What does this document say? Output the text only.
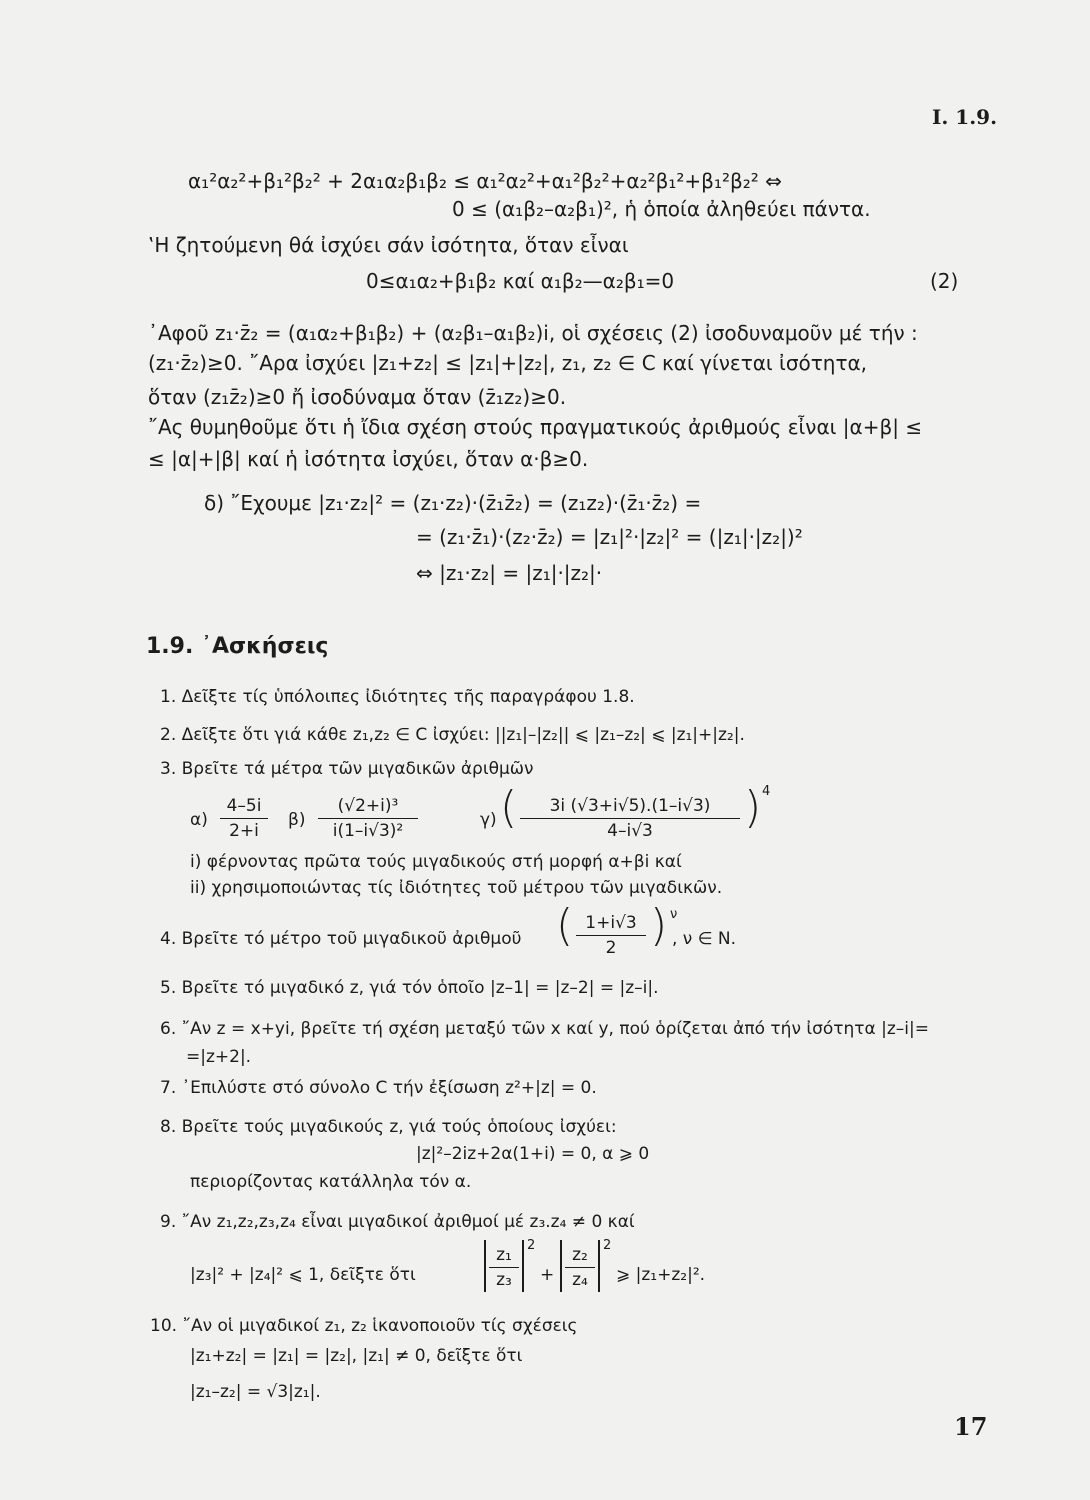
I. 1.9.
α₁²α₂²+β₁²β₂² + 2α₁α₂β₁β₂ ≤ α₁²α₂²+α₁²β₂²+α₂²β₁²+β₁²β₂² ⇔
0 ≤ (α₁β₂–α₂β₁)², ἡ ὁποία ἀληθεύει πάντα.
‛Η ζητούμενη θά ἰσχύει σάν ἰσότητα, ὅταν εἶναι
0≤α₁α₂+β₁β₂ καί α₁β₂—α₂β₁=0	(2)
᾿Αφοῦ z₁·z̄₂ = (α₁α₂+β₁β₂) + (α₂β₁–α₁β₂)i, οἱ σχέσεις (2) ἰσοδυναμοῦν μέ τήν :
(z₁·z̄₂)≥0. ῎Αρα ἰσχύει |z₁+z₂| ≤ |z₁|+|z₂|, z₁, z₂ ∈ C καί γίνεται ἰσότητα,
ὅταν (z₁z̄₂)≥0 ἤ ἰσοδύναμα ὅταν (z̄₁z₂)≥0.
῎Ας θυμηθοῦμε ὅτι ἡ ἴδια σχέση στούς πραγματικούς ἀριθμούς εἶναι |α+β| ≤
≤ |α|+|β| καί ἡ ἰσότητα ἰσχύει, ὅταν α·β≥0.
δ) ῎Εχουμε |z₁·z₂|² = (z₁·z₂)·(z̄₁z̄₂) = (z₁z₂)·(z̄₁·z̄₂) =
= (z₁·z̄₁)·(z₂·z̄₂) = |z₁|²·|z₂|² = (|z₁|·|z₂|)²
⇔ |z₁·z₂| = |z₁|·|z₂|·
1.9. ᾿Ασκήσεις
1. Δεῖξτε τίς ὑπόλοιπες ἰδιότητες τῆς παραγράφου 1.8.
2. Δεῖξτε ὅτι γιά κάθε z₁,z₂ ∈ C ἰσχύει: ||z₁|–|z₂|| ⩽ |z₁–z₂| ⩽ |z₁|+|z₂|.
3. Βρεῖτε τά μέτρα τῶν μιγαδικῶν ἀριθμῶν
α)
4–5i
2+i
β)
(√2+i)³
i(1–i√3)²
γ) (	3i (√3+i√5).(1–i√3)
4–i√3	) 4
i) φέρνοντας πρῶτα τούς μιγαδικούς στή μορφή α+βi καί
ii) χρησιμοποιώντας τίς ἰδιότητες τοῦ μέτρου τῶν μιγαδικῶν.
4. Βρεῖτε τό μέτρο τοῦ μιγαδικοῦ ἀριθμοῦ ( 1+i√3
2 ) ν
, ν ∈ N.
5. Βρεῖτε τό μιγαδικό z, γιά τόν ὁποῖο |z–1| = |z–2| = |z–i|.
6. ῎Αν z = x+yi, βρεῖτε τή σχέση μεταξύ τῶν x καί y, πού ὁρίζεται ἀπό τήν ἰσότητα |z–i|=
=|z+2|.
7. ᾿Επιλύστε στό σύνολο C τήν ἐξίσωση z²+|z| = 0.
8. Βρεῖτε τούς μιγαδικούς z, γιά τούς ὁποίους ἰσχύει:
|z|²–2iz+2α(1+i) = 0, α ⩾ 0
περιορίζοντας κατάλληλα τόν α.
9. ῎Αν z₁,z₂,z₃,z₄ εἶναι μιγαδικοί ἀριθμοί μέ z₃.z₄ ≠ 0 καί
|z₃|² + |z₄|² ⩽ 1, δεῖξτε ὅτι
z₁
z₃
2
+
z₂
z₄
2
⩾ |z₁+z₂|².
10. ῎Αν οἱ μιγαδικοί z₁, z₂ ἱκανοποιοῦν τίς σχέσεις
|z₁+z₂| = |z₁| = |z₂|, |z₁| ≠ 0, δεῖξτε ὅτι
|z₁–z₂| = √3|z₁|.
17
